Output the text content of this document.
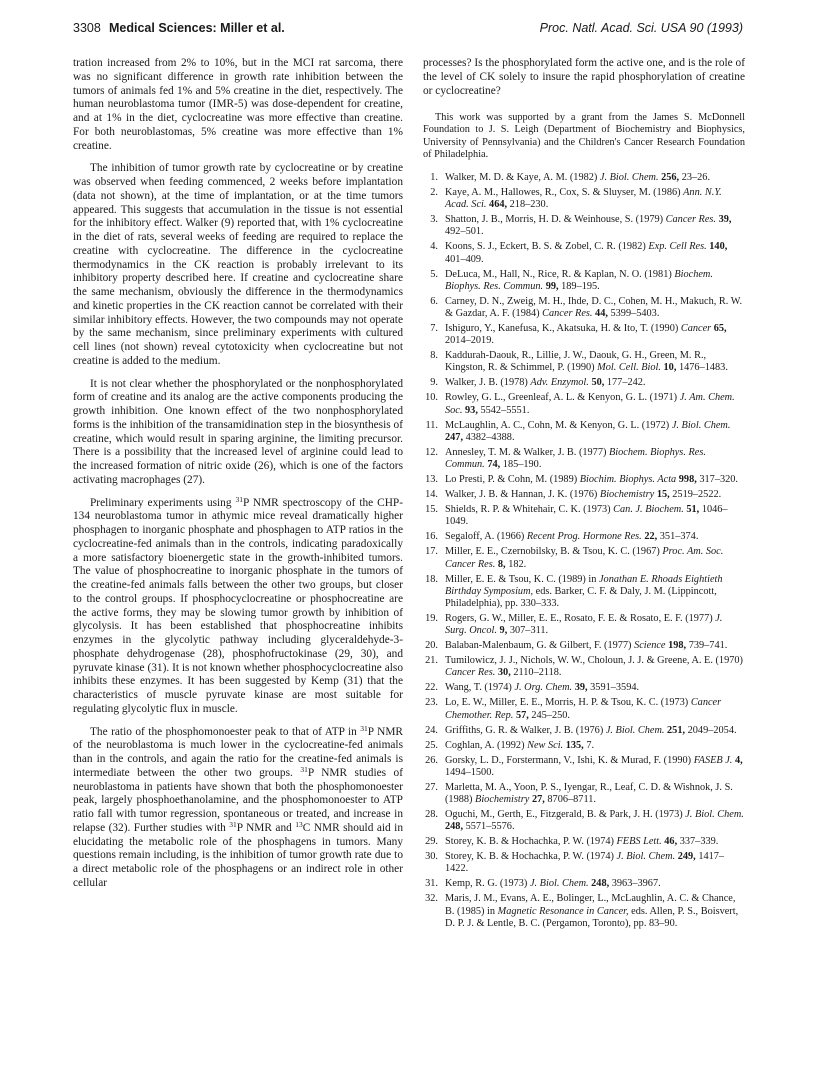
3308 Medical Sciences: Miller et al.	Proc. Natl. Acad. Sci. USA 90 (1993)

tration increased from 2% to 10%, but in the MCI rat sarcoma, there was no significant difference in growth rate inhibition between the tumors of animals fed 1% and 5% creatine in the diet, respectively. The human neuroblastoma tumor (IMR-5) was dose-dependent for creatine, and at 1% in the diet, cyclocreatine was more effective than creatine. For both neuroblastomas, 5% creatine was more effective than 1% creatine.

The inhibition of tumor growth rate by cyclocreatine or by creatine was observed when feeding commenced, 2 weeks before implantation (data not shown), at the time of implantation, or at the time tumors appeared. This suggests that accumulation in the tissue is not essential for the inhibitory effect. Walker (9) reported that, with 1% cyclocreatine in the diet of rats, several weeks of feeding are required to replace the creatine with cyclocreatine. The difference in the cyclocreatine thermodynamics in the CK reaction is probably irrelevant to its inhibitory property described here. If creatine and cyclocreatine share the same mechanism, obviously the difference in the thermodynamics and kinetic properties in the CK reaction cannot be correlated with their similar inhibitory effects. However, the two compounds may not operate by the same mechanism, since preliminary experiments with cultured cell lines (not shown) reveal cytotoxicity when cyclocreatine but not creatine is added to the medium.

It is not clear whether the phosphorylated or the nonphosphorylated form of creatine and its analog are the active components producing the growth inhibition. One known effect of the two nonphosphorylated forms is the inhibition of the transamidination step in the biosynthesis of creatine, which would result in sparing arginine, the limiting precursor. There is a possibility that the increased level of arginine could lead to the increased formation of nitric oxide (26), which is one of the factors activating macrophages (27).

Preliminary experiments using $^{31}$P NMR spectroscopy of the CHP-134 neuroblastoma tumor in athymic mice reveal dramatically higher phosphagen to inorganic phosphate and phosphagen to ATP ratios in the cyclocreatine-fed animals than in the controls, indicating paradoxically a more satisfactory bioenergetic state in the growth-inhibited tumors. The value of phosphocreatine to inorganic phosphate in the tumors of the creatine-fed animals falls between the other two groups, but closer to the control groups. If phosphocyclocreatine or phosphocreatine are the active forms, they may be slowing tumor growth by inhibition of glycolysis. It has been established that phosphocreatine inhibits enzymes in the glycolytic pathway including glyceraldehyde-3-phosphate dehydrogenase (28), phosphofructokinase (29, 30), and pyruvate kinase (31). It is not known whether phosphocyclocreatine also inhibits these enzymes. It has been suggested by Kemp (31) that the characteristics of muscle pyruvate kinase are most suitable for regulating glycolytic flux in muscle.

The ratio of the phosphomonoester peak to that of ATP in $^{31}$P NMR of the neuroblastoma is much lower in the cyclocreatine-fed animals than in the controls, and again the ratio for the creatine-fed animals is intermediate between the other two groups. $^{31}$P NMR studies of neuroblastoma in patients have shown that both the phosphomonoester peak, largely phosphoethanolamine, and the phosphomonoester to ATP ratio fall with tumor regression, spontaneous or treated, and increase in relapse (32). Further studies with $^{31}$P NMR and $^{13}$C NMR should aid in elucidating the metabolic role of the phosphagens in tumors. Many questions remain including, is the inhibition of tumor growth rate due to a direct metabolic role of the phosphagens or an indirect role in other cellular

processes? Is the phosphorylated form the active one, and is the role of the level of CK solely to insure the rapid phosphorylation of creatine or cyclocreatine?

This work was supported by a grant from the James S. McDonnell Foundation to J. S. Leigh (Department of Biochemistry and Biophysics, University of Pennsylvania) and the Children's Cancer Research Foundation of Philadelphia.

1. Walker, M. D. & Kaye, A. M. (1982) J. Biol. Chem. 256, 23–26.
2. Kaye, A. M., Hallowes, R., Cox, S. & Sluyser, M. (1986) Ann. N.Y. Acad. Sci. 464, 218–230.
3. Shatton, J. B., Morris, H. D. & Weinhouse, S. (1979) Cancer Res. 39, 492–501.
4. Koons, S. J., Eckert, B. S. & Zobel, C. R. (1982) Exp. Cell Res. 140, 401–409.
5. DeLuca, M., Hall, N., Rice, R. & Kaplan, N. O. (1981) Biochem. Biophys. Res. Commun. 99, 189–195.
6. Carney, D. N., Zweig, M. H., Ihde, D. C., Cohen, M. H., Makuch, R. W. & Gazdar, A. F. (1984) Cancer Res. 44, 5399–5403.
7. Ishiguro, Y., Kanefusa, K., Akatsuka, H. & Ito, T. (1990) Cancer 65, 2014–2019.
8. Kaddurah-Daouk, R., Lillie, J. W., Daouk, G. H., Green, M. R., Kingston, R. & Schimmel, P. (1990) Mol. Cell. Biol. 10, 1476–1483.
9. Walker, J. B. (1978) Adv. Enzymol. 50, 177–242.
10. Rowley, G. L., Greenleaf, A. L. & Kenyon, G. L. (1971) J. Am. Chem. Soc. 93, 5542–5551.
11. McLaughlin, A. C., Cohn, M. & Kenyon, G. L. (1972) J. Biol. Chem. 247, 4382–4388.
12. Annesley, T. M. & Walker, J. B. (1977) Biochem. Biophys. Res. Commun. 74, 185–190.
13. Lo Presti, P. & Cohn, M. (1989) Biochim. Biophys. Acta 998, 317–320.
14. Walker, J. B. & Hannan, J. K. (1976) Biochemistry 15, 2519–2522.
15. Shields, R. P. & Whitehair, C. K. (1973) Can. J. Biochem. 51, 1046–1049.
16. Segaloff, A. (1966) Recent Prog. Hormone Res. 22, 351–374.
17. Miller, E. E., Czernobilsky, B. & Tsou, K. C. (1967) Proc. Am. Soc. Cancer Res. 8, 182.
18. Miller, E. E. & Tsou, K. C. (1989) in Jonathan E. Rhoads Eightieth Birthday Symposium, eds. Barker, C. F. & Daly, J. M. (Lippincott, Philadelphia), pp. 330–333.
19. Rogers, G. W., Miller, E. E., Rosato, F. E. & Rosato, E. F. (1977) J. Surg. Oncol. 9, 307–311.
20. Balaban-Malenbaum, G. & Gilbert, F. (1977) Science 198, 739–741.
21. Tumilowicz, J. J., Nichols, W. W., Choloun, J. J. & Greene, A. E. (1970) Cancer Res. 30, 2110–2118.
22. Wang, T. (1974) J. Org. Chem. 39, 3591–3594.
23. Lo, E. W., Miller, E. E., Morris, H. P. & Tsou, K. C. (1973) Cancer Chemother. Rep. 57, 245–250.
24. Griffiths, G. R. & Walker, J. B. (1976) J. Biol. Chem. 251, 2049–2054.
25. Coghlan, A. (1992) New Sci. 135, 7.
26. Gorsky, L. D., Forstermann, V., Ishi, K. & Murad, F. (1990) FASEB J. 4, 1494–1500.
27. Marletta, M. A., Yoon, P. S., Iyengar, R., Leaf, C. D. & Wishnok, J. S. (1988) Biochemistry 27, 8706–8711.
28. Oguchi, M., Gerth, E., Fitzgerald, B. & Park, J. H. (1973) J. Biol. Chem. 248, 5571–5576.
29. Storey, K. B. & Hochachka, P. W. (1974) FEBS Lett. 46, 337–339.
30. Storey, K. B. & Hochachka, P. W. (1974) J. Biol. Chem. 249, 1417–1422.
31. Kemp, R. G. (1973) J. Biol. Chem. 248, 3963–3967.
32. Maris, J. M., Evans, A. E., Bolinger, L., McLaughlin, A. C. & Chance, B. (1985) in Magnetic Resonance in Cancer, eds. Allen, P. S., Boisvert, D. P. J. & Lentle, B. C. (Pergamon, Toronto), pp. 83–90.
